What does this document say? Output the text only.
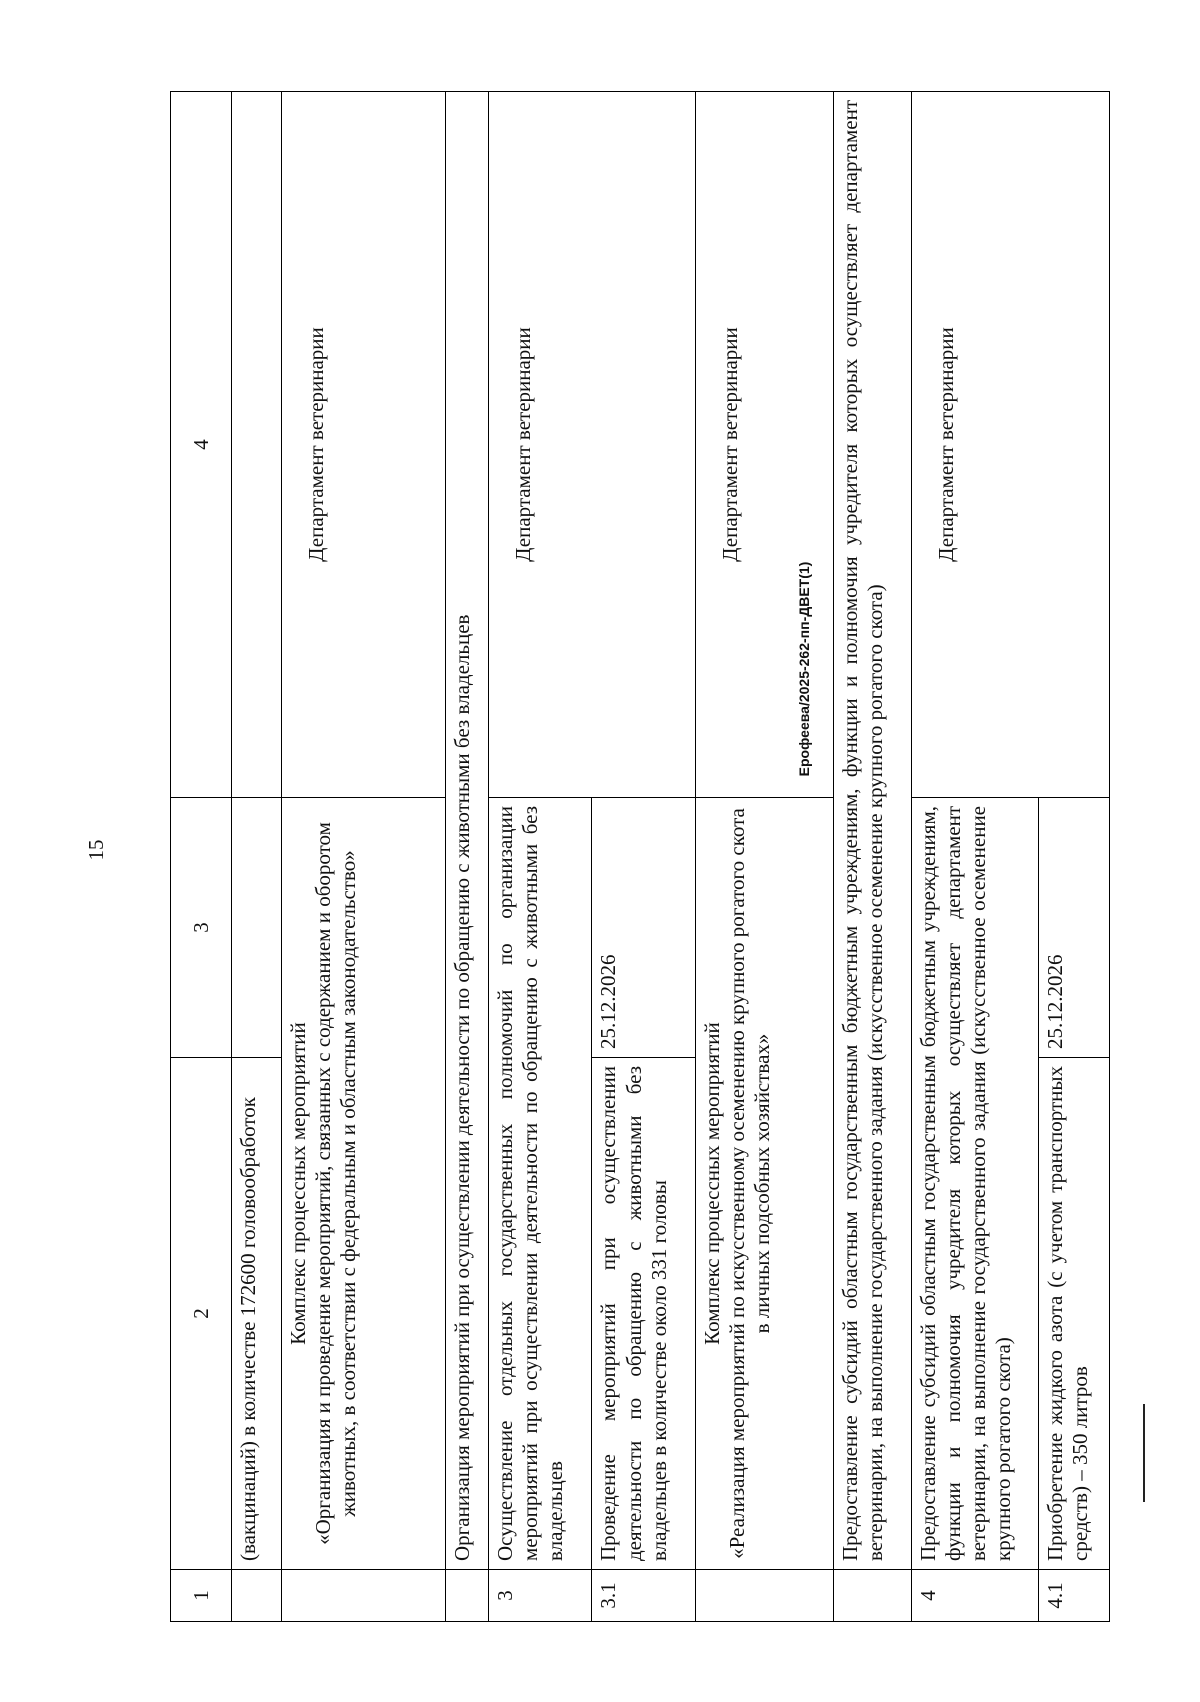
15
1	2	3	4
	(вакцинаций) в количестве 172600 головообработок		

	Комплекс процессных мероприятий «Организация и проведение мероприятий, связанных с содержанием и оборотом животных, в соответствии с федеральным и областным законодательство»		Департамент ветеринарии
	Организация мероприятий при осуществлении деятельности по обращению с животными без владельцев		
3	Осуществление отдельных государственных полномочий по организации мероприятий при осуществлении деятельности по обращению с животными без владельцев		Департамент ветеринарии
3.1	Проведение мероприятий при осуществлении деятельности по обращению с животными без владельцев в количестве около 331 головы	25.12.2026	

	Комплекс процессных мероприятий «Реализация мероприятий по искусственному осеменению крупного рогатого скота в личных подсобных хозяйствах»		Департамент ветеринарии
	Предоставление субсидий областным государственным бюджетным учреждениям, функции и полномочия учредителя которых осуществляет департамент ветеринарии, на выполнение государственного задания (искусственное осеменение крупного рогатого скота)		
4	Предоставление субсидий областным государственным бюджетным учреждениям, функции и полномочия учредителя которых осуществляет департамент ветеринарии, на выполнение государственного задания (искусственное осеменение крупного рогатого скота)		Департамент ветеринарии
4.1	Приобретение жидкого азота (с учетом транспортных средств) – 350 литров	25.12.2026	
Ерофеева/2025-262-пп-ДВЕТ(1)
